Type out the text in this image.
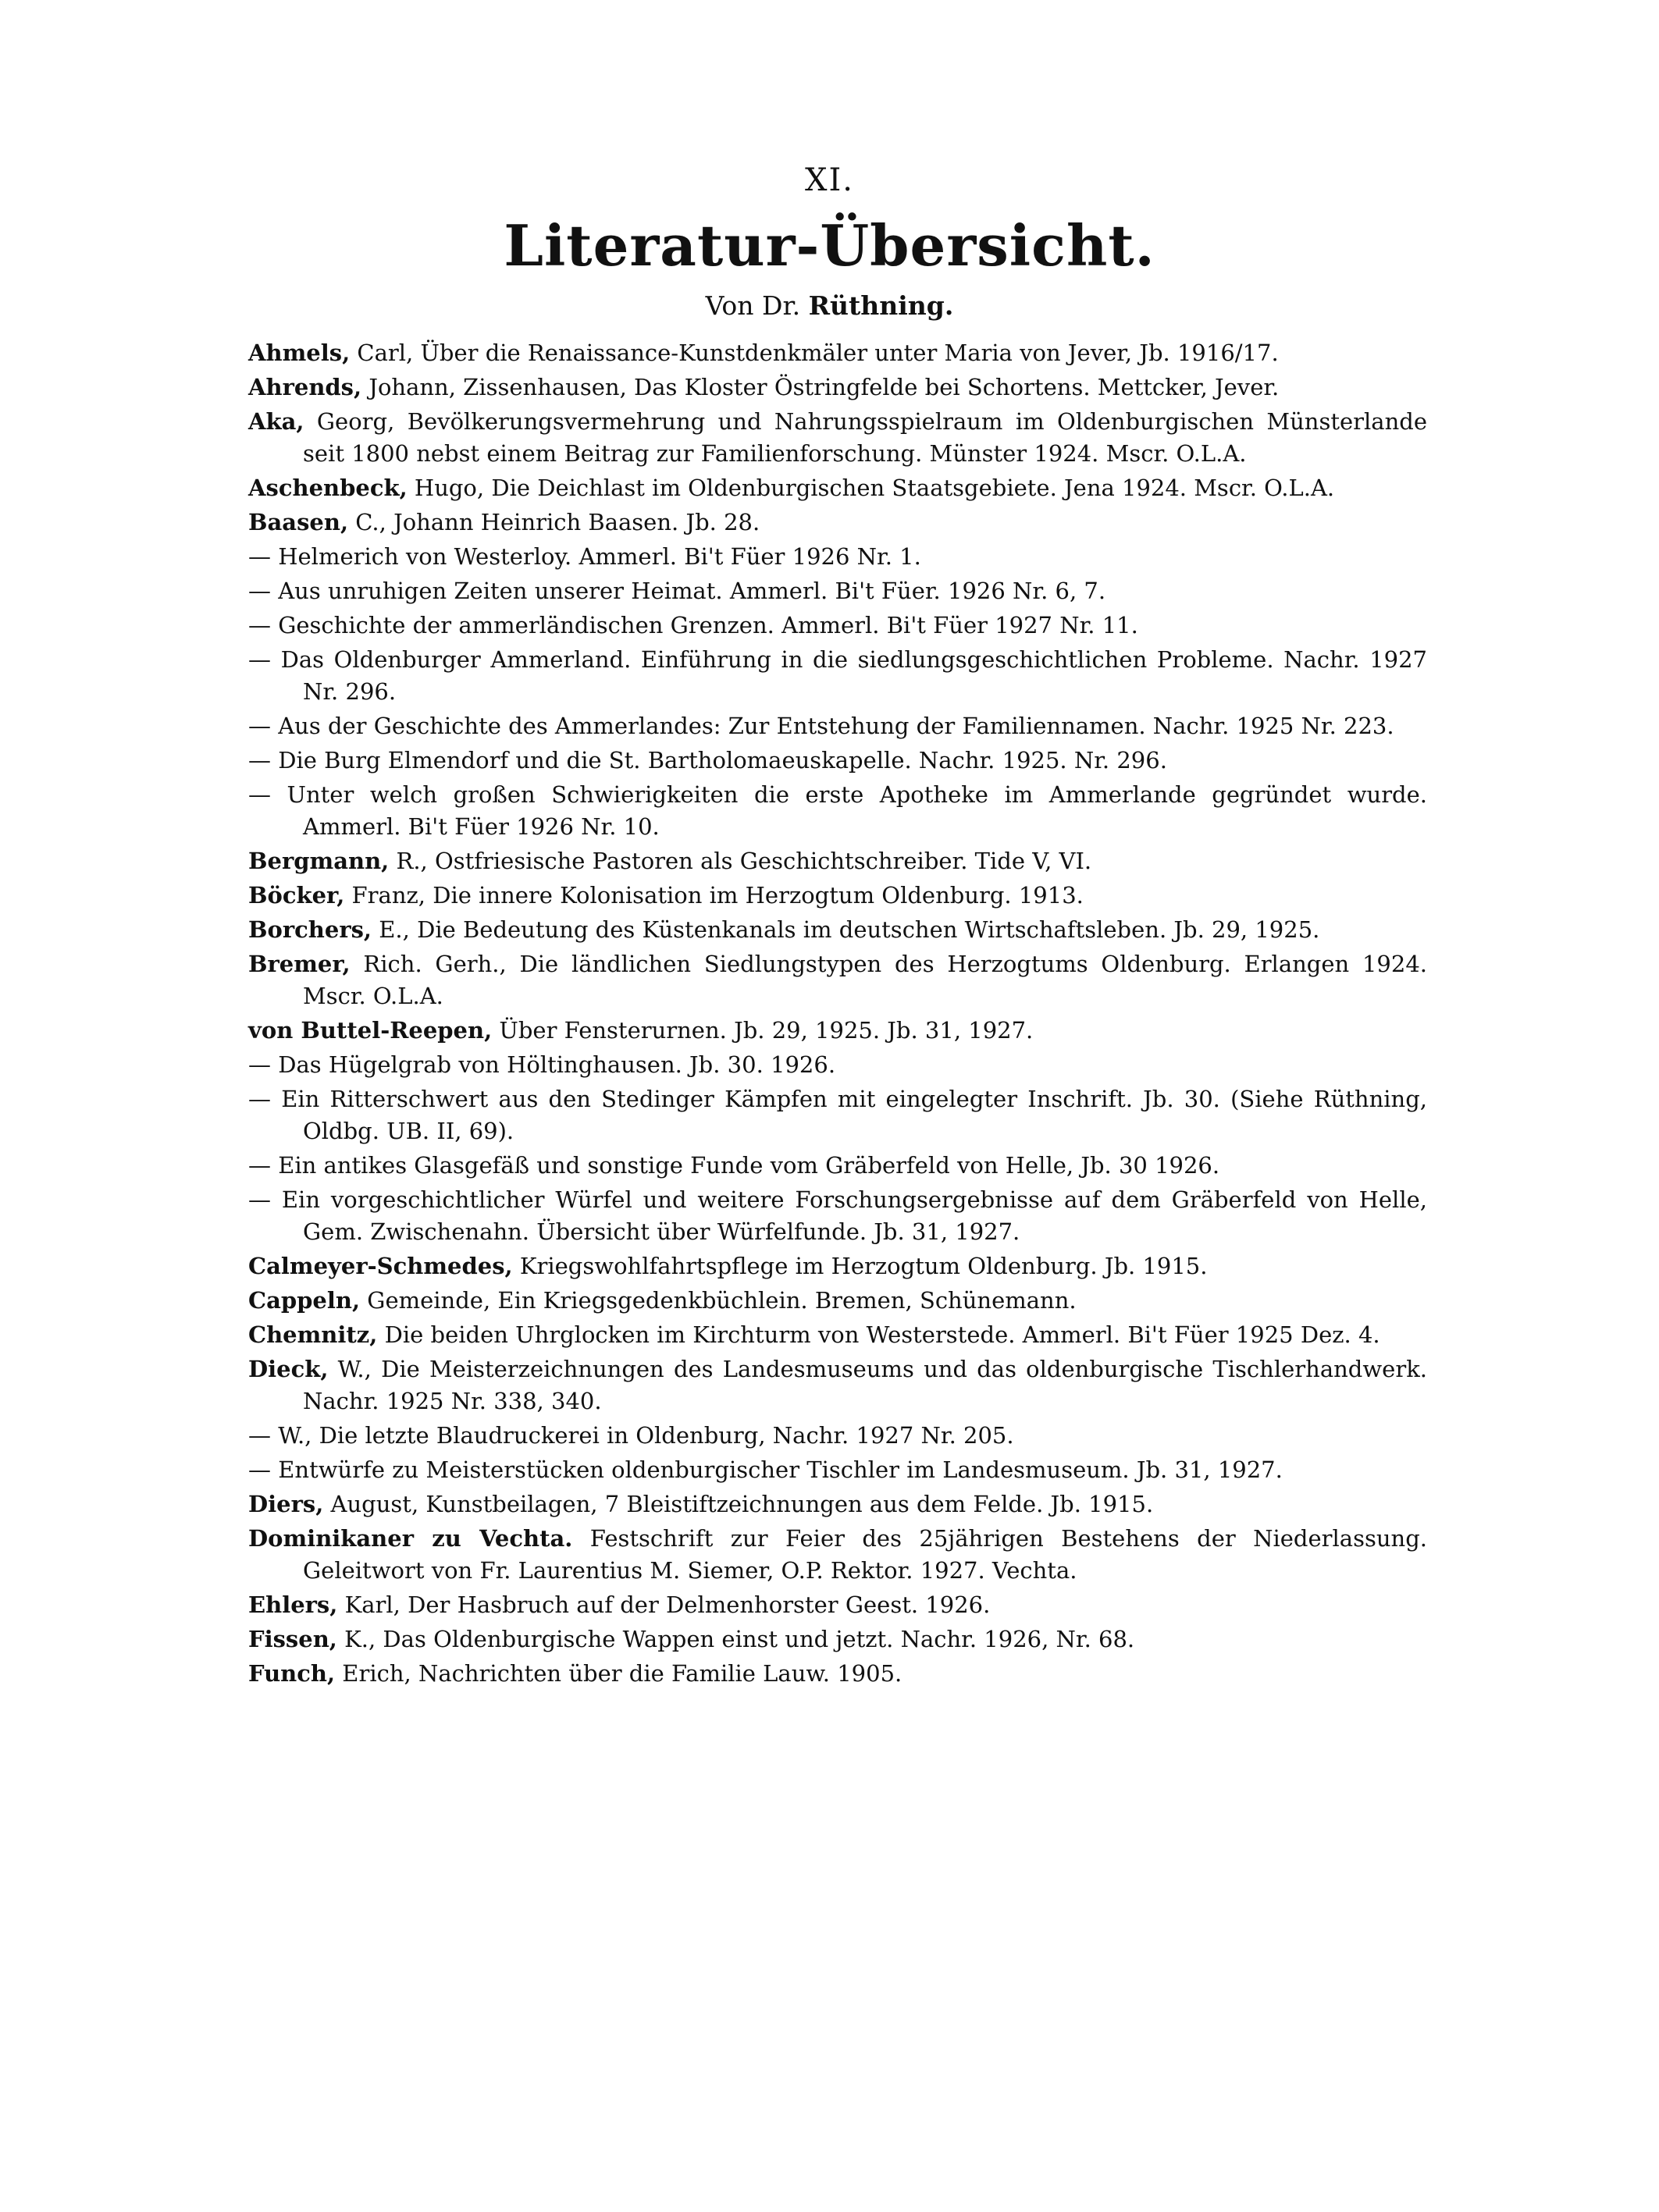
XI.
Literatur-Übersicht.
Von Dr. Rüthning.
Ahmels, Carl, Über die Renaissance-Kunstdenkmäler unter Maria von Jever, Jb. 1916/17.
Ahrends, Johann, Zissenhausen, Das Kloster Östringfelde bei Schortens. Mettcker, Jever.
Aka, Georg, Bevölkerungsvermehrung und Nahrungsspielraum im Oldenburgischen Münsterlande seit 1800 nebst einem Beitrag zur Familienforschung. Münster 1924. Mscr. O.L.A.
Aschenbeck, Hugo, Die Deichlast im Oldenburgischen Staatsgebiete. Jena 1924. Mscr. O.L.A.
Baasen, C., Johann Heinrich Baasen. Jb. 28.
— Helmerich von Westerloy. Ammerl. Bi't Füer 1926 Nr. 1.
— Aus unruhigen Zeiten unserer Heimat. Ammerl. Bi't Füer. 1926 Nr. 6, 7.
— Geschichte der ammerländischen Grenzen. Ammerl. Bi't Füer 1927 Nr. 11.
— Das Oldenburger Ammerland. Einführung in die siedlungsgeschichtlichen Probleme. Nachr. 1927 Nr. 296.
— Aus der Geschichte des Ammerlandes: Zur Entstehung der Familiennamen. Nachr. 1925 Nr. 223.
— Die Burg Elmendorf und die St. Bartholomaeuskapelle. Nachr. 1925. Nr. 296.
— Unter welch großen Schwierigkeiten die erste Apotheke im Ammerlande gegründet wurde. Ammerl. Bi't Füer 1926 Nr. 10.
Bergmann, R., Ostfriesische Pastoren als Geschichtschreiber. Tide V, VI.
Böcker, Franz, Die innere Kolonisation im Herzogtum Oldenburg. 1913.
Borchers, E., Die Bedeutung des Küstenkanals im deutschen Wirtschaftsleben. Jb. 29, 1925.
Bremer, Rich. Gerh., Die ländlichen Siedlungstypen des Herzogtums Oldenburg. Erlangen 1924. Mscr. O.L.A.
von Buttel-Reepen, Über Fensterurnen. Jb. 29, 1925. Jb. 31, 1927.
— Das Hügelgrab von Höltinghausen. Jb. 30. 1926.
— Ein Ritterschwert aus den Stedinger Kämpfen mit eingelegter Inschrift. Jb. 30. (Siehe Rüthning, Oldbg. UB. II, 69).
— Ein antikes Glasgefäß und sonstige Funde vom Gräberfeld von Helle, Jb. 30 1926.
— Ein vorgeschichtlicher Würfel und weitere Forschungsergebnisse auf dem Gräberfeld von Helle, Gem. Zwischenahn. Übersicht über Würfelfunde. Jb. 31, 1927.
Calmeyer-Schmedes, Kriegswohlfahrtspflege im Herzogtum Oldenburg. Jb. 1915.
Cappeln, Gemeinde, Ein Kriegsgedenkbüchlein. Bremen, Schünemann.
Chemnitz, Die beiden Uhrglocken im Kirchturm von Westerstede. Ammerl. Bi't Füer 1925 Dez. 4.
Dieck, W., Die Meisterzeichnungen des Landesmuseums und das oldenburgische Tischlerhandwerk. Nachr. 1925 Nr. 338, 340.
— W., Die letzte Blaudruckerei in Oldenburg, Nachr. 1927 Nr. 205.
— Entwürfe zu Meisterstücken oldenburgischer Tischler im Landesmuseum. Jb. 31, 1927.
Diers, August, Kunstbeilagen, 7 Bleistiftzeichnungen aus dem Felde. Jb. 1915.
Dominikaner zu Vechta. Festschrift zur Feier des 25jährigen Bestehens der Niederlassung. Geleitwort von Fr. Laurentius M. Siemer, O.P. Rektor. 1927. Vechta.
Ehlers, Karl, Der Hasbruch auf der Delmenhorster Geest. 1926.
Fissen, K., Das Oldenburgische Wappen einst und jetzt. Nachr. 1926, Nr. 68.
Funch, Erich, Nachrichten über die Familie Lauw. 1905.
